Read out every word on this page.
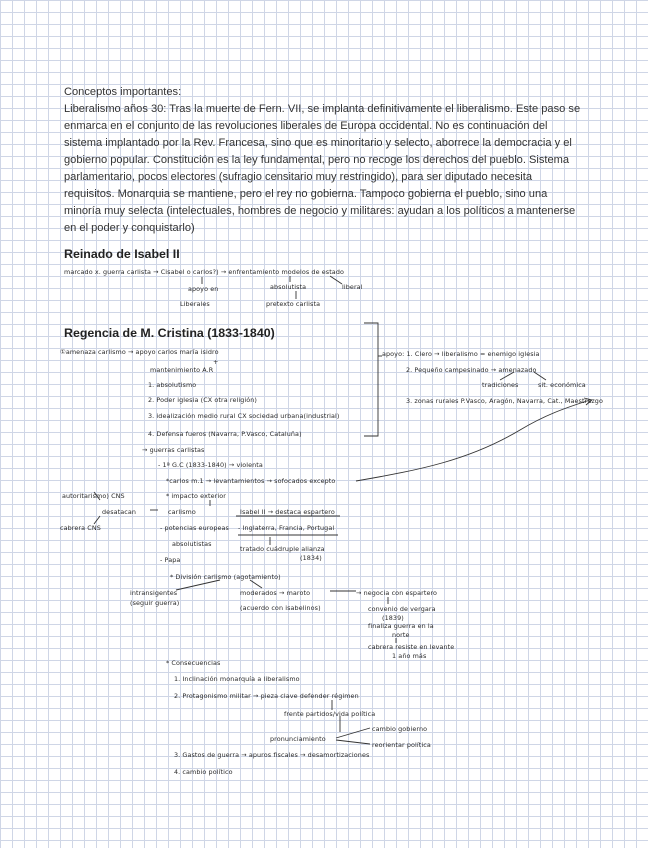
Conceptos importantes:

Liberalismo años 30: Tras la muerte de Fern. VII, se implanta definitivamente el liberalismo. Este paso se enmarca en el conjunto de las revoluciones liberales de Europa occidental. No es continuación del sistema implantado por la Rev. Francesa, sino que es minoritario y selecto, aborrece la democracia y el gobierno popular. Constitución es la ley fundamental, pero no recoge los derechos del pueblo. Sistema parlamentario, pocos electores (sufragio censitario muy restringido), para ser diputado necesita requisitos. Monarquia se mantiene, pero el rey no gobierna. Tampoco gobierna el pueblo, sino una minoría muy selecta (intelectuales, hombres de negocio y militares: ayudan a los políticos a mantenerse en el poder y conquistarlo)

Reinado de Isabel II
marcado x. guerra carlista → Cisabel o carlos?) → enfrentamiento modelos de estado
apoyo en
Liberales
absolutista	liberal
pretexto carlista
Regencia de M. Cristina (1833-1840)
①amenaza carlismo → apoyo carlos maría isidro
+
mantenimiento A.R
1. absolutismo
2. Poder iglesia (CX otra religión)
3. idealización medio rural CX sociedad urbana(industrial)
4. Defensa fueros (Navarra, P.Vasco, Cataluña)
apoyo: 1. Clero → liberalismo = enemigo iglesia
2. Pequeño campesinado → amenazado
tradiciones	sit. económica
3. zonas rurales P.Vasco, Aragón, Navarra, Cat., Maestrazgo
→ guerras carlistas
- 1ª G.C (1833-1840) → violenta
*carlos m.1 → levantamientos → sofocados excepto
* impacto exterior
carlismo	Isabel II → destaca espartero
autoritarismo) CNS
desatacan
cabrera CNS	- potencias europeas - Inglaterra, Francia, Portugal
absolutistas
tratado cuádruple alianza
(1834)
- Papa
* División carlismo (agotamiento)
intransigentes
(seguir guerra)
moderados → maroto
(acuerdo con isabelinos)
→ negocia con espartero
convenio de vergara
(1839)
finaliza guerra en la
norte
cabrera resiste en levante
1 año más
* Consecuencias
1. Inclinación monarquía a liberalismo
2. Protagonismo militar → pieza clave defender régimen
frente partidos/vida política
pronunciamiento
cambio gobierno
reorientar política
3. Gastos de guerra → apuros fiscales → desamortizaciones
4. cambio político
